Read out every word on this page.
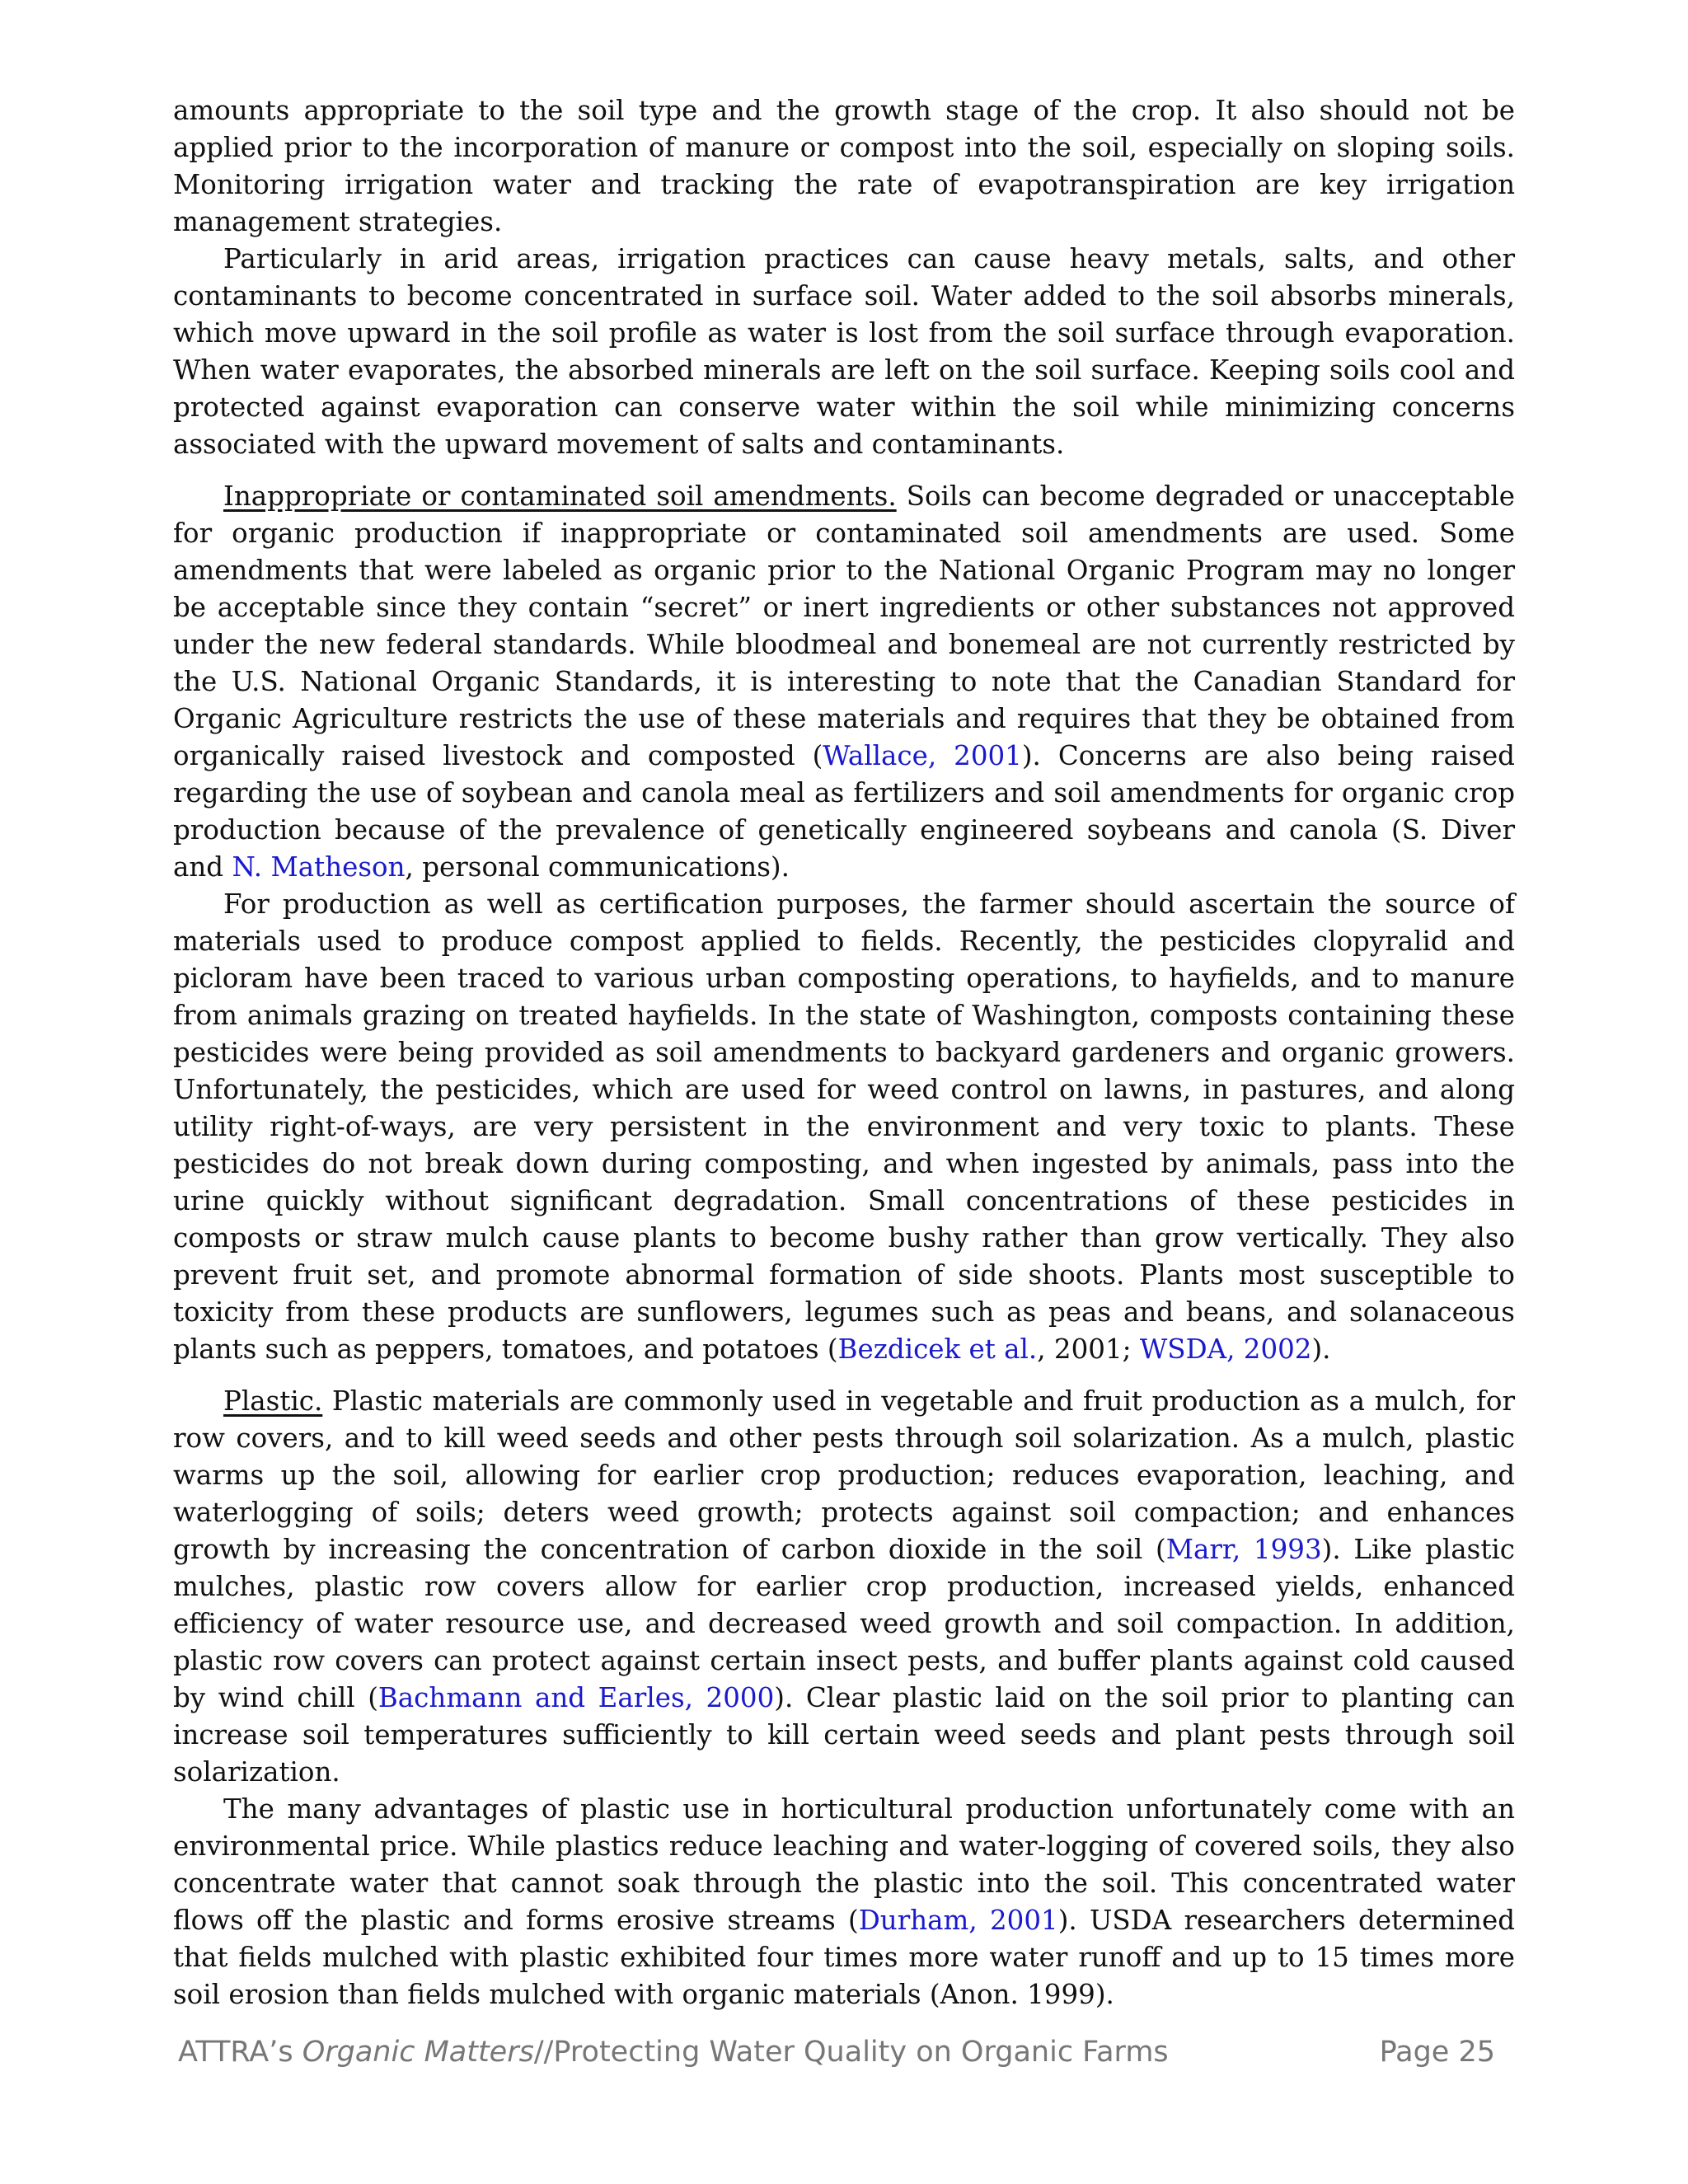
amounts appropriate to the soil type and the growth stage of the crop. It also should not be applied prior to the incorporation of manure or compost into the soil, especially on sloping soils. Monitoring irrigation water and tracking the rate of evapotranspiration are key irrigation management strategies.

Particularly in arid areas, irrigation practices can cause heavy metals, salts, and other contaminants to become concentrated in surface soil. Water added to the soil absorbs minerals, which move upward in the soil profile as water is lost from the soil surface through evaporation. When water evaporates, the absorbed minerals are left on the soil surface. Keeping soils cool and protected against evaporation can conserve water within the soil while minimizing concerns associated with the upward movement of salts and contaminants.

Inappropriate or contaminated soil amendments. Soils can become degraded or unacceptable for organic production if inappropriate or contaminated soil amendments are used. Some amendments that were labeled as organic prior to the National Organic Program may no longer be acceptable since they contain “secret” or inert ingredients or other substances not approved under the new federal standards. While bloodmeal and bonemeal are not currently restricted by the U.S. National Organic Standards, it is interesting to note that the Canadian Standard for Organic Agriculture restricts the use of these materials and requires that they be obtained from organically raised livestock and composted (Wallace, 2001). Concerns are also being raised regarding the use of soybean and canola meal as fertilizers and soil amendments for organic crop production because of the prevalence of genetically engineered soybeans and canola (S. Diver and N. Matheson, personal communications).

For production as well as certification purposes, the farmer should ascertain the source of materials used to produce compost applied to fields. Recently, the pesticides clopyralid and picloram have been traced to various urban composting operations, to hayfields, and to manure from animals grazing on treated hayfields. In the state of Washington, composts containing these pesticides were being provided as soil amendments to backyard gardeners and organic growers. Unfortunately, the pesticides, which are used for weed control on lawns, in pastures, and along utility right-of-ways, are very persistent in the environment and very toxic to plants. These pesticides do not break down during composting, and when ingested by animals, pass into the urine quickly without significant degradation. Small concentrations of these pesticides in composts or straw mulch cause plants to become bushy rather than grow vertically. They also prevent fruit set, and promote abnormal formation of side shoots. Plants most susceptible to toxicity from these products are sunflowers, legumes such as peas and beans, and solanaceous plants such as peppers, tomatoes, and potatoes (Bezdicek et al., 2001; WSDA, 2002).

Plastic. Plastic materials are commonly used in vegetable and fruit production as a mulch, for row covers, and to kill weed seeds and other pests through soil solarization. As a mulch, plastic warms up the soil, allowing for earlier crop production; reduces evaporation, leaching, and waterlogging of soils; deters weed growth; protects against soil compaction; and enhances growth by increasing the concentration of carbon dioxide in the soil (Marr, 1993). Like plastic mulches, plastic row covers allow for earlier crop production, increased yields, enhanced efficiency of water resource use, and decreased weed growth and soil compaction. In addition, plastic row covers can protect against certain insect pests, and buffer plants against cold caused by wind chill (Bachmann and Earles, 2000). Clear plastic laid on the soil prior to planting can increase soil temperatures sufficiently to kill certain weed seeds and plant pests through soil solarization.

The many advantages of plastic use in horticultural production unfortunately come with an environmental price. While plastics reduce leaching and water-logging of covered soils, they also concentrate water that cannot soak through the plastic into the soil. This concentrated water flows off the plastic and forms erosive streams (Durham, 2001). USDA researchers determined that fields mulched with plastic exhibited four times more water runoff and up to 15 times more soil erosion than fields mulched with organic materials (Anon. 1999).

ATTRA’s Organic Matters//Protecting Water Quality on Organic Farms	Page 25
